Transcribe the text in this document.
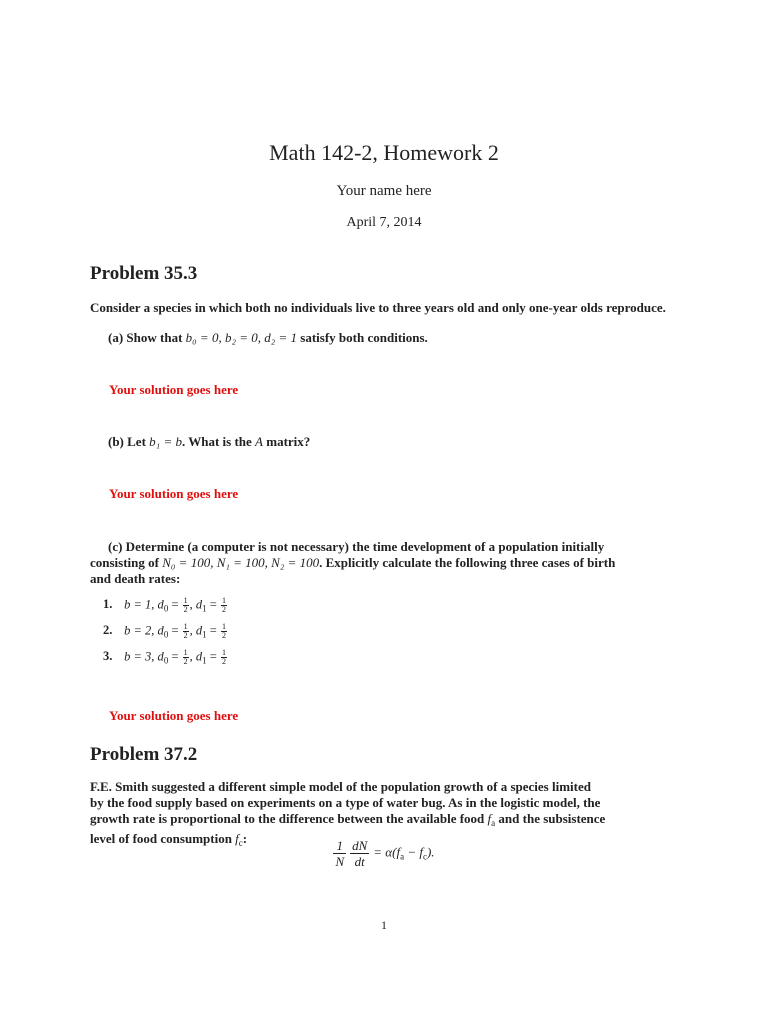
Math 142-2, Homework 2
Your name here
April 7, 2014
Problem 35.3
Consider a species in which both no individuals live to three years old and only one-year olds reproduce.
(a) Show that b₀ = 0, b₂ = 0, d₂ = 1 satisfy both conditions.
Your solution goes here
(b) Let b₁ = b. What is the A matrix?
Your solution goes here
(c) Determine (a computer is not necessary) the time development of a population initially
consisting of N₀ = 100, N₁ = 100, N₂ = 100. Explicitly calculate the following three cases of birth
and death rates:
1. b = 1, $d_0 = \frac{1}{2}$ , $d_1 = \frac{1}{2}$
2. b = 2, $d_0 = \frac{1}{2}$ , $d_1 = \frac{1}{2}$
3. b = 3, $d_0 = \frac{1}{2}$ , $d_1 = \frac{1}{2}$
Your solution goes here
Problem 37.2
F.E. Smith suggested a different simple model of the population growth of a species limited
by the food supply based on experiments on a type of water bug. As in the logistic model, the
growth rate is proportional to the difference between the available food $f_a$ and the subsistence
level of food consumption $f_c$:	$\frac{1}{N} \frac{dN}{dt} = \alpha(f_a - f_c)$.
1
